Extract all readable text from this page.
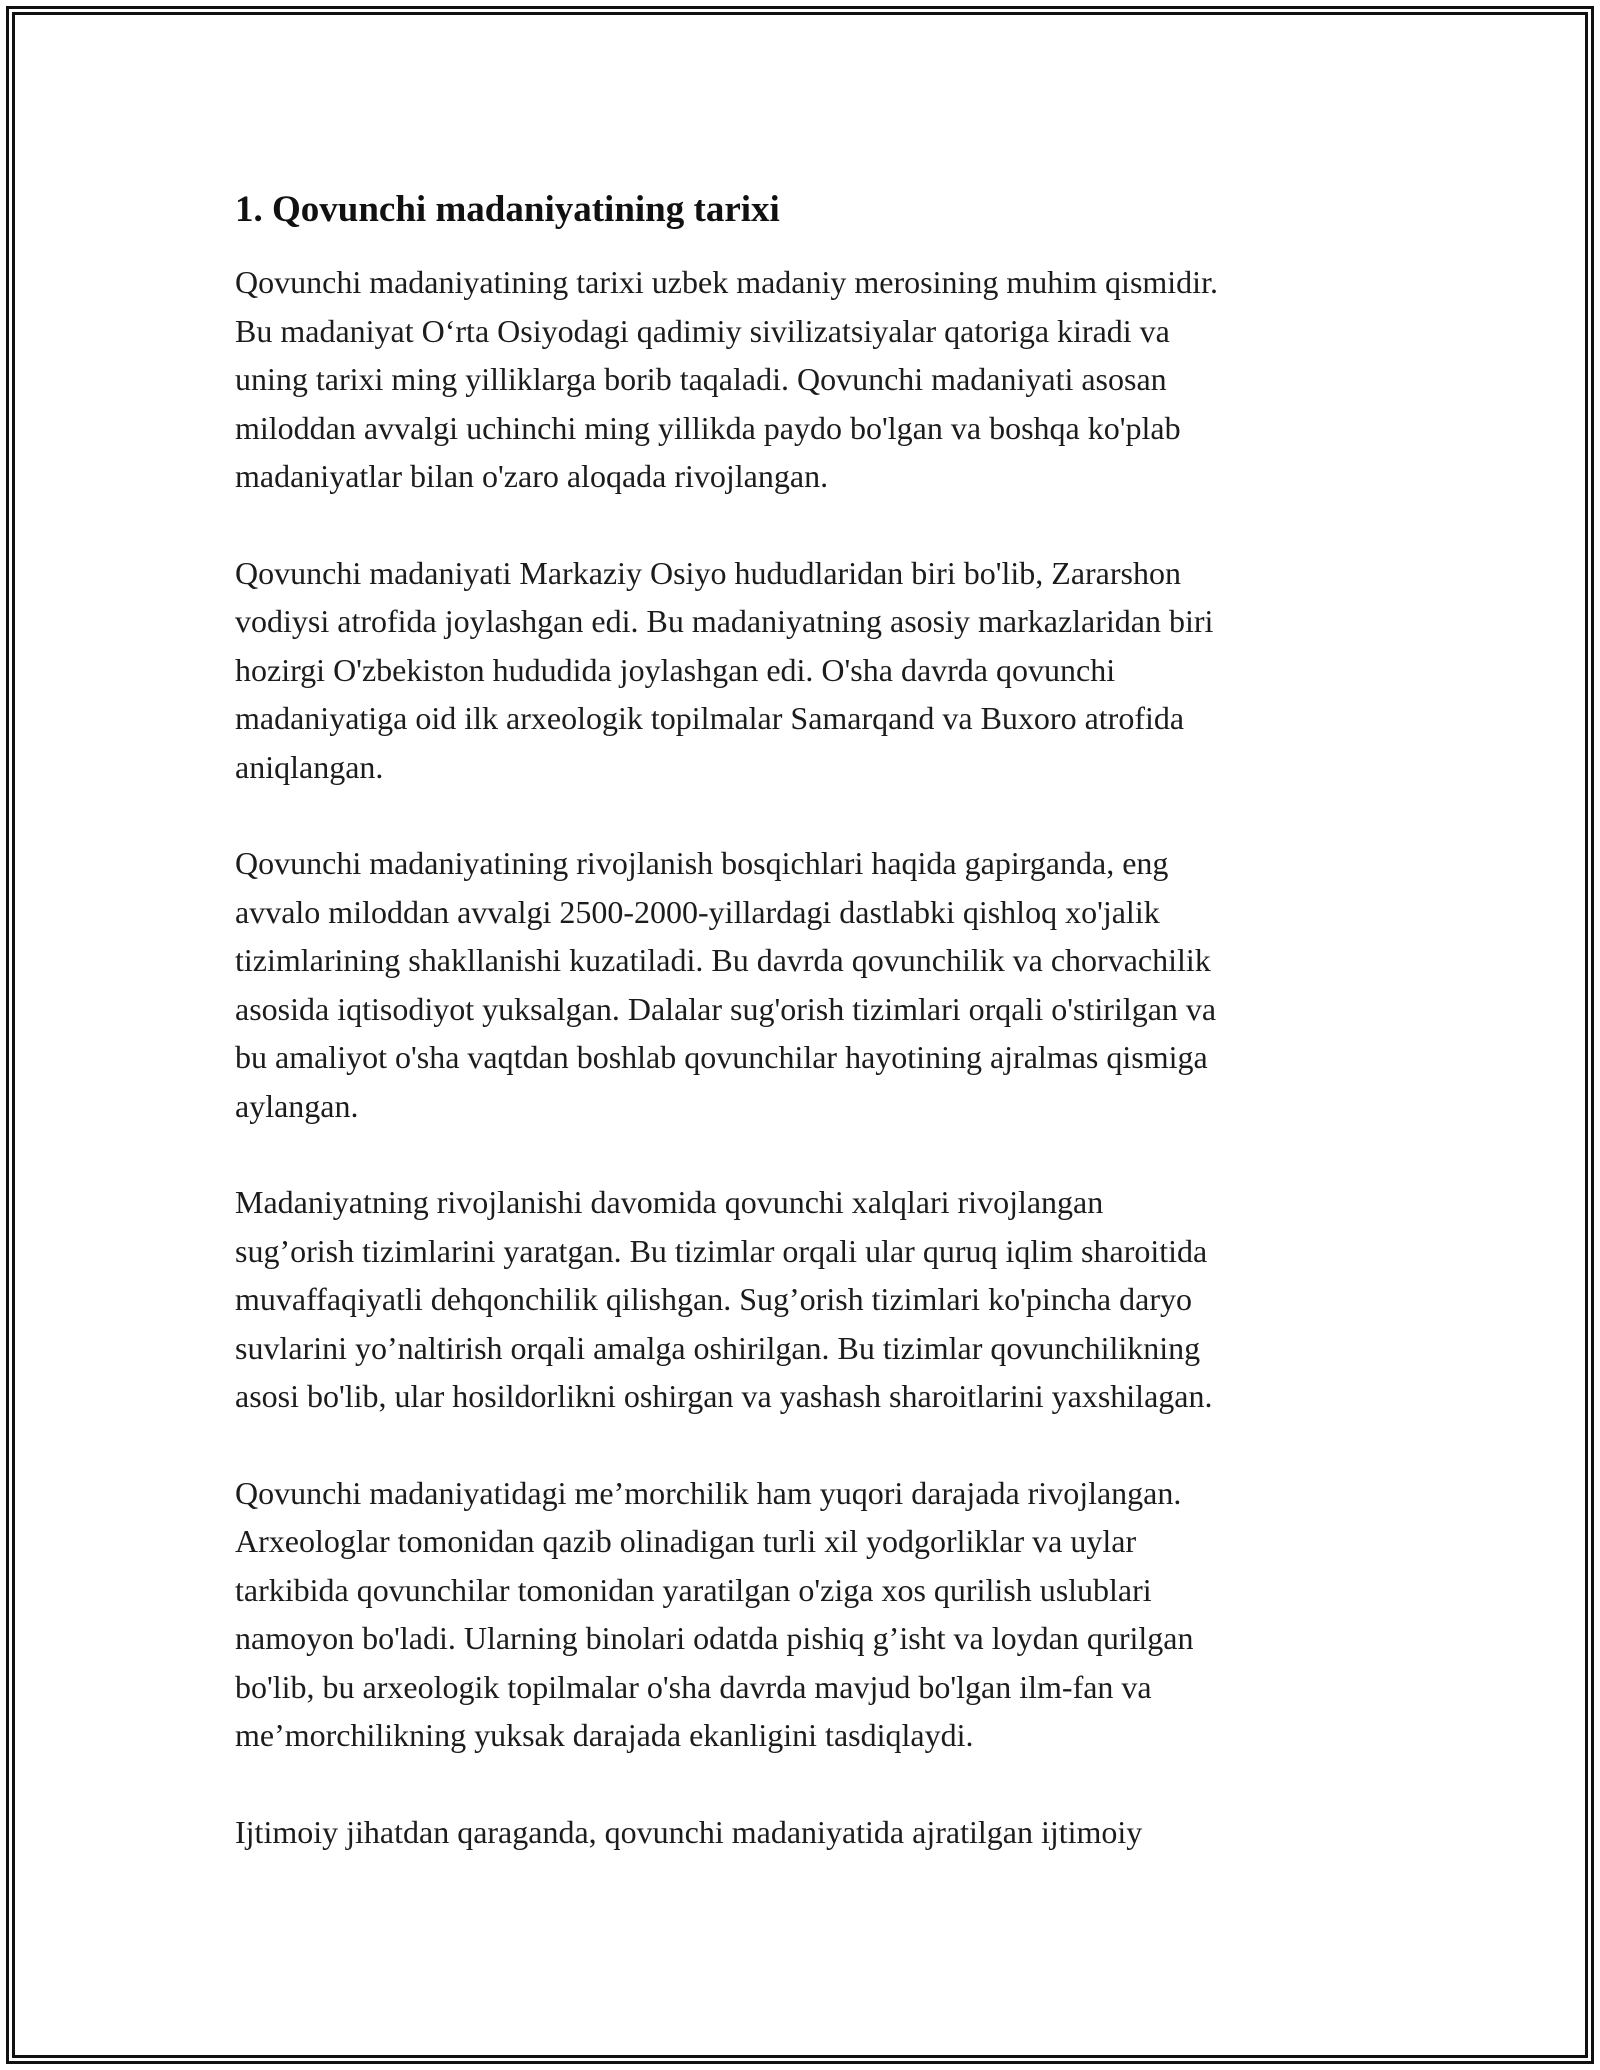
1. Qovunchi madaniyatining tarixi
Qovunchi madaniyatining tarixi uzbek madaniy merosining muhim qismidir.
Bu madaniyat O‘rta Osiyodagi qadimiy sivilizatsiyalar qatoriga kiradi va
uning tarixi ming yilliklarga borib taqaladi. Qovunchi madaniyati asosan
miloddan avvalgi uchinchi ming yillikda paydo bo'lgan va boshqa ko'plab
madaniyatlar bilan o'zaro aloqada rivojlangan.
Qovunchi madaniyati Markaziy Osiyo hududlaridan biri bo'lib, Zararshon
vodiysi atrofida joylashgan edi. Bu madaniyatning asosiy markazlaridan biri
hozirgi O'zbekiston hududida joylashgan edi. O'sha davrda qovunchi
madaniyatiga oid ilk arxeologik topilmalar Samarqand va Buxoro atrofida
aniqlangan.
Qovunchi madaniyatining rivojlanish bosqichlari haqida gapirganda, eng
avvalo miloddan avvalgi 2500-2000-yillardagi dastlabki qishloq xo'jalik
tizimlarining shakllanishi kuzatiladi. Bu davrda qovunchilik va chorvachilik
asosida iqtisodiyot yuksalgan. Dalalar sug'orish tizimlari orqali o'stirilgan va
bu amaliyot o'sha vaqtdan boshlab qovunchilar hayotining ajralmas qismiga
aylangan.
Madaniyatning rivojlanishi davomida qovunchi xalqlari rivojlangan
sug’orish tizimlarini yaratgan. Bu tizimlar orqali ular quruq iqlim sharoitida
muvaffaqiyatli dehqonchilik qilishgan. Sug’orish tizimlari ko'pincha daryo
suvlarini yo’naltirish orqali amalga oshirilgan. Bu tizimlar qovunchilikning
asosi bo'lib, ular hosildorlikni oshirgan va yashash sharoitlarini yaxshilagan.
Qovunchi madaniyatidagi me’morchilik ham yuqori darajada rivojlangan.
Arxeologlar tomonidan qazib olinadigan turli xil yodgorliklar va uylar
tarkibida qovunchilar tomonidan yaratilgan o'ziga xos qurilish uslublari
namoyon bo'ladi. Ularning binolari odatda pishiq g’isht va loydan qurilgan
bo'lib, bu arxeologik topilmalar o'sha davrda mavjud bo'lgan ilm-fan va
me’morchilikning yuksak darajada ekanligini tasdiqlaydi.
Ijtimoiy jihatdan qaraganda, qovunchi madaniyatida ajratilgan ijtimoiy
